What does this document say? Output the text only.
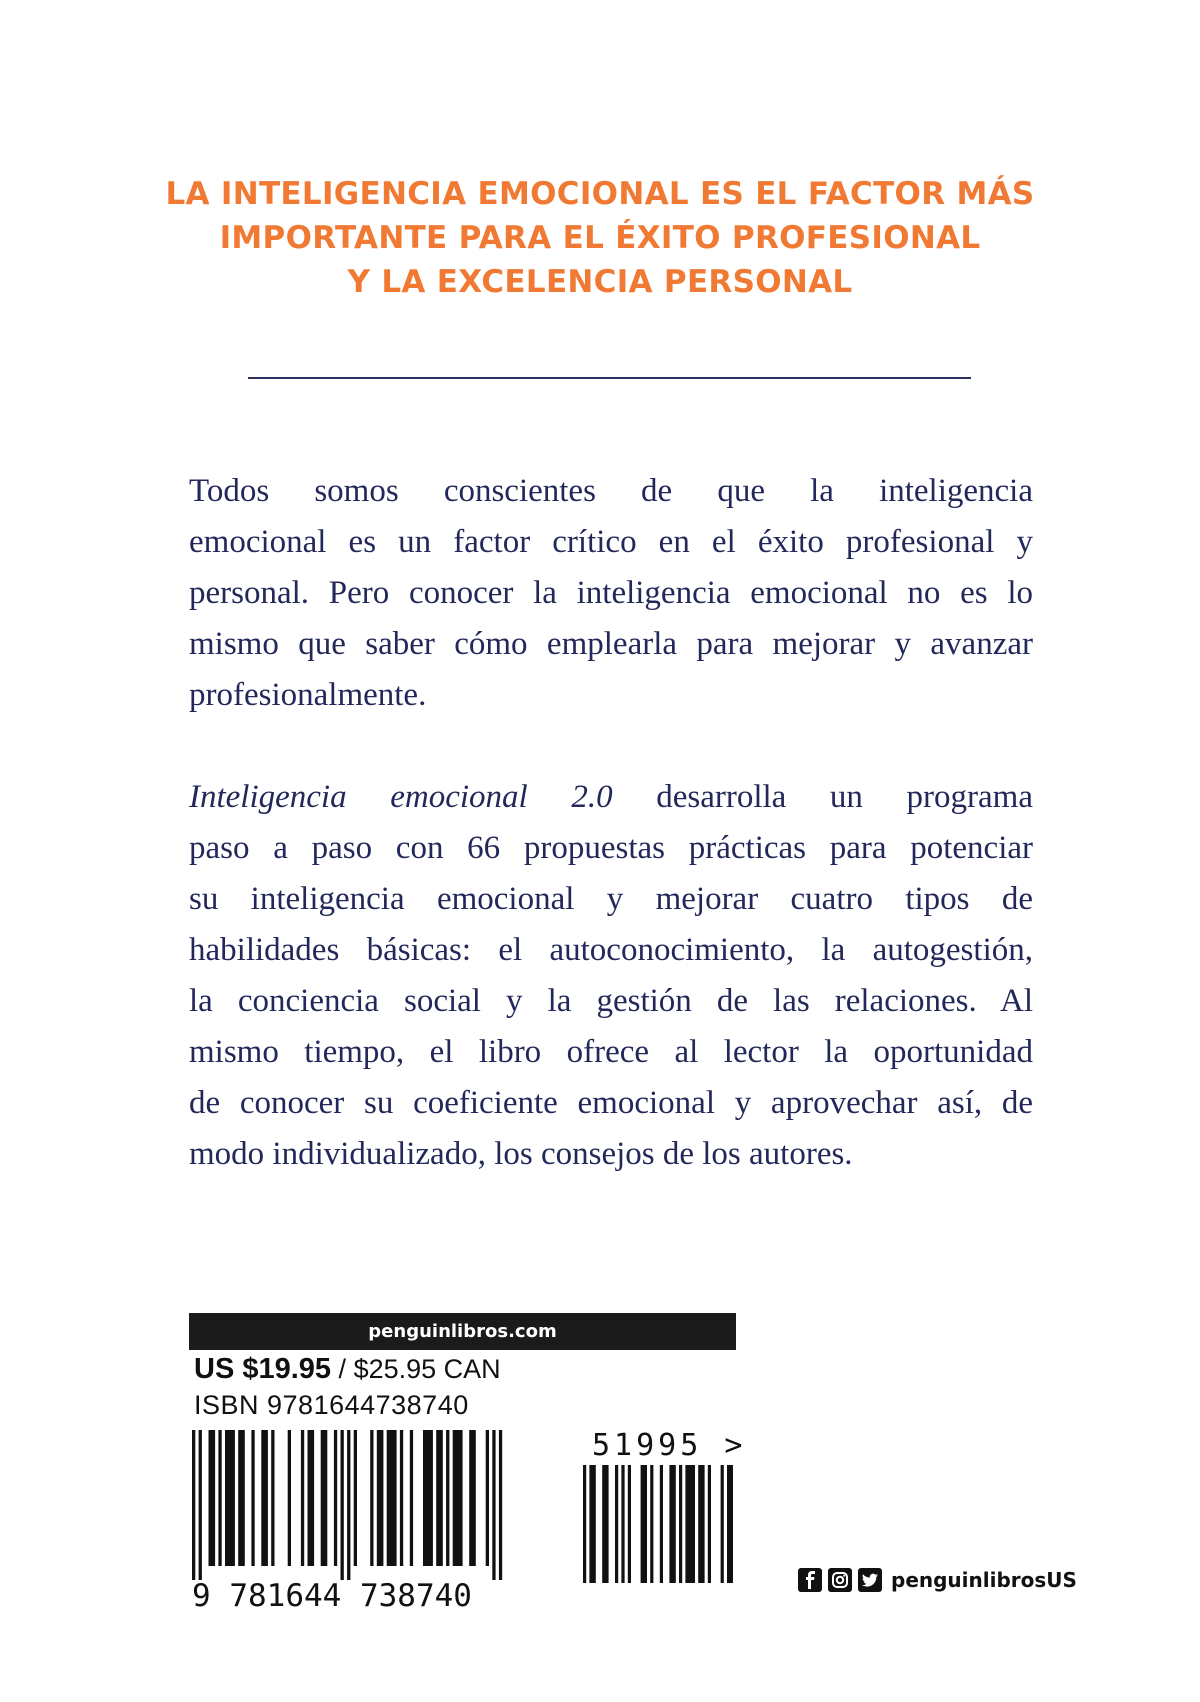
LA INTELIGENCIA EMOCIONAL ES EL FACTOR MÁS
IMPORTANTE PARA EL ÉXITO PROFESIONAL
Y LA EXCELENCIA PERSONAL
Todos somos conscientes de que la inteligencia
emocional es un factor crítico en el éxito profesional y
personal. Pero conocer la inteligencia emocional no es lo
mismo que saber cómo emplearla para mejorar y avanzar
profesionalmente.
Inteligencia emocional 2.0 desarrolla un programa
paso a paso con 66 propuestas prácticas para potenciar
su inteligencia emocional y mejorar cuatro tipos de
habilidades básicas: el autoconocimiento, la autogestión,
la conciencia social y la gestión de las relaciones. Al
mismo tiempo, el libro ofrece al lector la oportunidad
de conocer su coeficiente emocional y aprovechar así, de
modo individualizado, los consejos de los autores.
penguinlibros.com
US $19.95 / $25.95 CAN
ISBN 9781644738740
51995 >
9 781644 738740	penguinlibrosUS
